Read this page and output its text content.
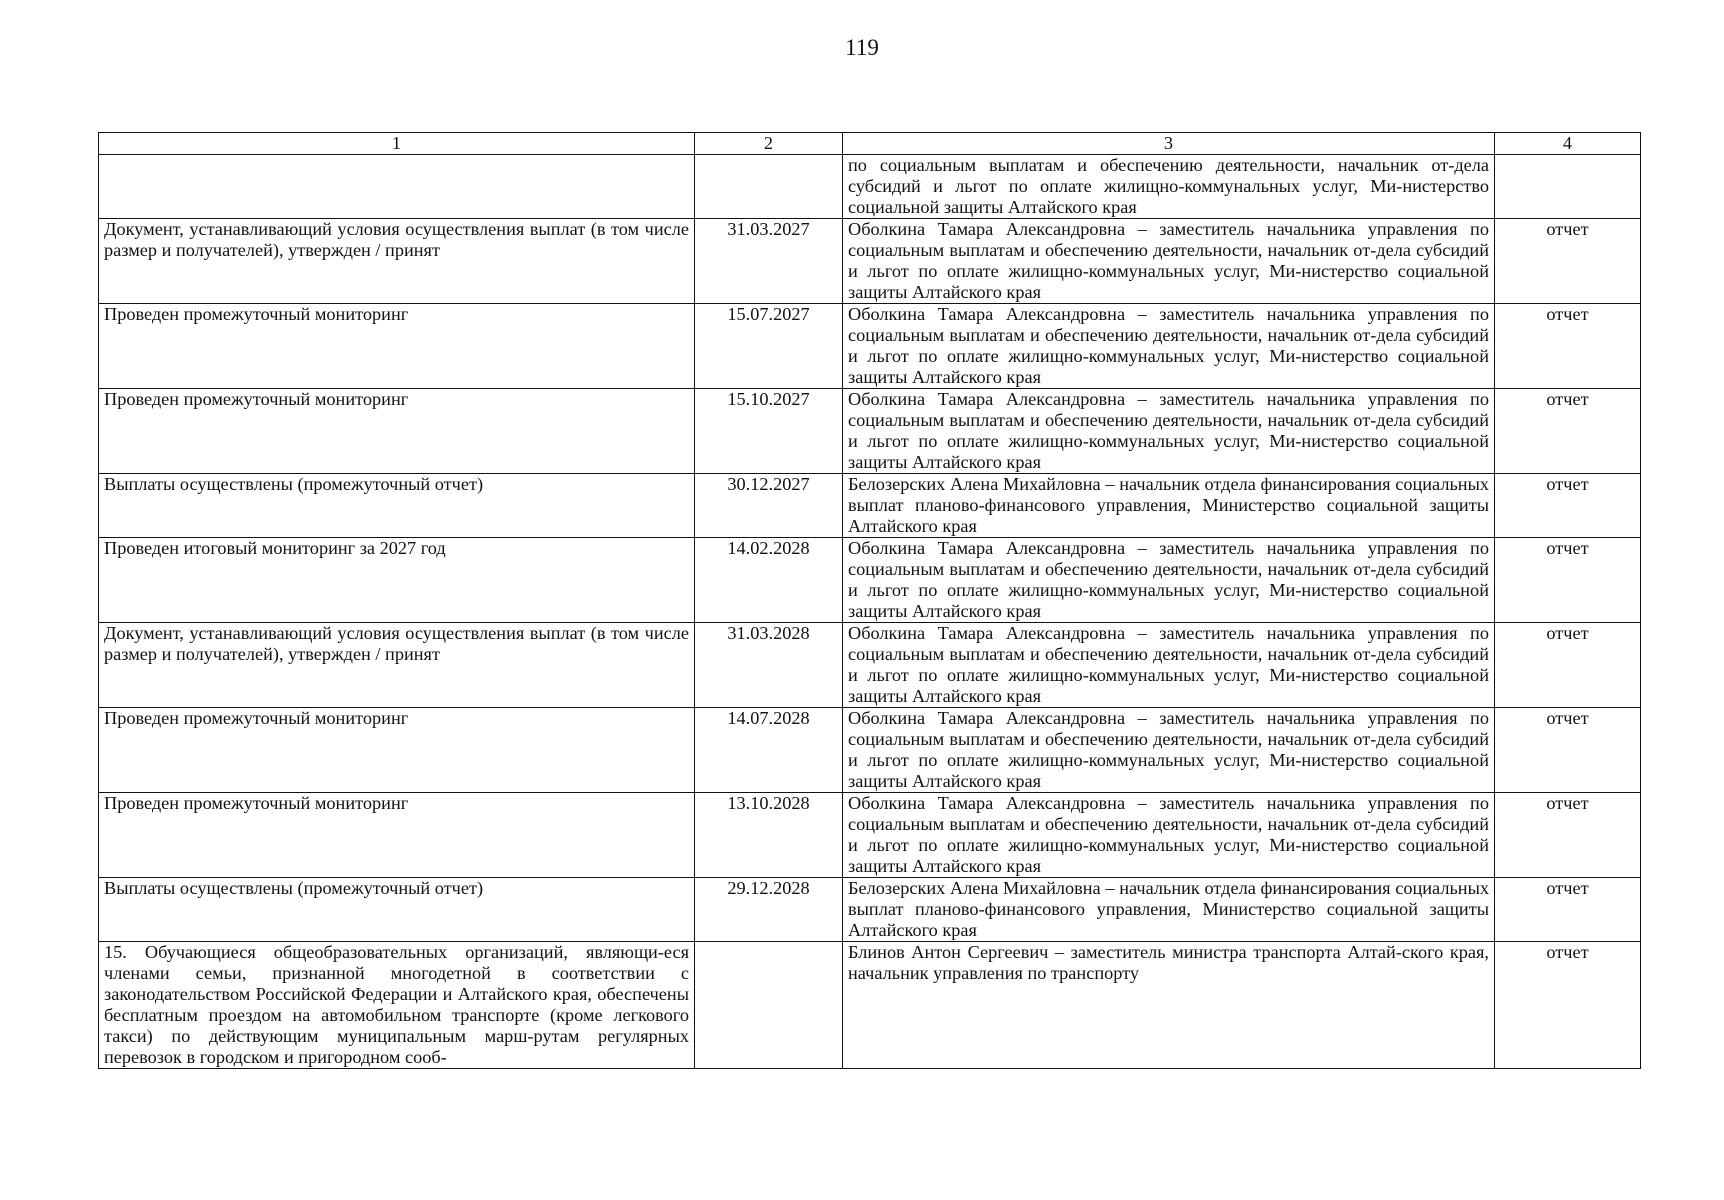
119
1	2	3	4
		по социальным выплатам и обеспечению деятельности, начальник от-дела субсидий и льгот по оплате жилищно-коммунальных услуг, Ми-нистерство социальной защиты Алтайского края	
Документ, устанавливающий условия осуществления выплат (в том числе размер и получателей), утвержден / принят	31.03.2027	Оболкина Тамара Александровна – заместитель начальника управления по социальным выплатам и обеспечению деятельности, начальник от-дела субсидий и льгот по оплате жилищно-коммунальных услуг, Ми-нистерство социальной защиты Алтайского края	отчет
Проведен промежуточный мониторинг	15.07.2027	Оболкина Тамара Александровна – заместитель начальника управления по социальным выплатам и обеспечению деятельности, начальник от-дела субсидий и льгот по оплате жилищно-коммунальных услуг, Ми-нистерство социальной защиты Алтайского края	отчет
Проведен промежуточный мониторинг	15.10.2027	Оболкина Тамара Александровна – заместитель начальника управления по социальным выплатам и обеспечению деятельности, начальник от-дела субсидий и льгот по оплате жилищно-коммунальных услуг, Ми-нистерство социальной защиты Алтайского края	отчет
Выплаты осуществлены (промежуточный отчет)	30.12.2027	Белозерских Алена Михайловна – начальник отдела финансирования социальных выплат планово-финансового управления, Министерство социальной защиты Алтайского края	отчет
Проведен итоговый мониторинг за 2027 год	14.02.2028	Оболкина Тамара Александровна – заместитель начальника управления по социальным выплатам и обеспечению деятельности, начальник от-дела субсидий и льгот по оплате жилищно-коммунальных услуг, Ми-нистерство социальной защиты Алтайского края	отчет
Документ, устанавливающий условия осуществления выплат (в том числе размер и получателей), утвержден / принят	31.03.2028	Оболкина Тамара Александровна – заместитель начальника управления по социальным выплатам и обеспечению деятельности, начальник от-дела субсидий и льгот по оплате жилищно-коммунальных услуг, Ми-нистерство социальной защиты Алтайского края	отчет
Проведен промежуточный мониторинг	14.07.2028	Оболкина Тамара Александровна – заместитель начальника управления по социальным выплатам и обеспечению деятельности, начальник от-дела субсидий и льгот по оплате жилищно-коммунальных услуг, Ми-нистерство социальной защиты Алтайского края	отчет
Проведен промежуточный мониторинг	13.10.2028	Оболкина Тамара Александровна – заместитель начальника управления по социальным выплатам и обеспечению деятельности, начальник от-дела субсидий и льгот по оплате жилищно-коммунальных услуг, Ми-нистерство социальной защиты Алтайского края	отчет
Выплаты осуществлены (промежуточный отчет)	29.12.2028	Белозерских Алена Михайловна – начальник отдела финансирования социальных выплат планово-финансового управления, Министерство социальной защиты Алтайского края	отчет
15. Обучающиеся общеобразовательных организаций, являющи-еся членами семьи, признанной многодетной в соответствии с законодательством Российской Федерации и Алтайского края, обеспечены бесплатным проездом на автомобильном транспорте (кроме легкового такси) по действующим муниципальным марш-рутам регулярных перевозок в городском и пригородном сооб-		Блинов Антон Сергеевич – заместитель министра транспорта Алтай-ского края, начальник управления по транспорту	отчет
